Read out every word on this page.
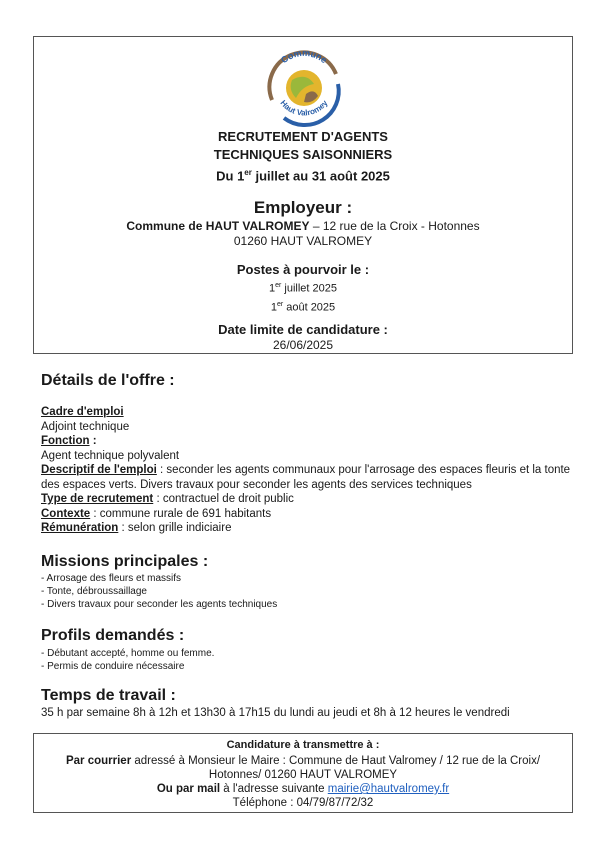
Commune
Haut Valromey
RECRUTEMENT D'AGENTS
TECHNIQUES SAISONNIERS
Du 1er juillet au 31 août 2025
Employeur :
Commune de HAUT VALROMEY – 12 rue de la Croix - Hotonnes
01260 HAUT VALROMEY
Postes à pourvoir le :
1er juillet 2025
1er août 2025
Date limite de candidature :
26/06/2025
Détails de l'offre :
Cadre d'emploi
Adjoint technique
Fonction :
Agent technique polyvalent
Descriptif de l'emploi : seconder les agents communaux pour l'arrosage des espaces fleuris et la tonte des espaces verts. Divers travaux pour seconder les agents des services techniques
Type de recrutement : contractuel de droit public
Contexte : commune rurale de 691 habitants
Rémunération : selon grille indiciaire
Missions principales :
- Arrosage des fleurs et massifs
- Tonte, débroussaillage
- Divers travaux pour seconder les agents techniques
Profils demandés :
- Débutant accepté, homme ou femme.
- Permis de conduire nécessaire
Temps de travail :
35 h par semaine 8h à 12h et 13h30 à 17h15 du lundi au jeudi et 8h à 12 heures le vendredi
Candidature à transmettre à :
Par courrier adressé à Monsieur le Maire : Commune de Haut Valromey / 12 rue de la Croix/
Hotonnes/ 01260 HAUT VALROMEY
Ou par mail à l'adresse suivante mairie@hautvalromey.fr
Téléphone : 04/79/87/72/32
